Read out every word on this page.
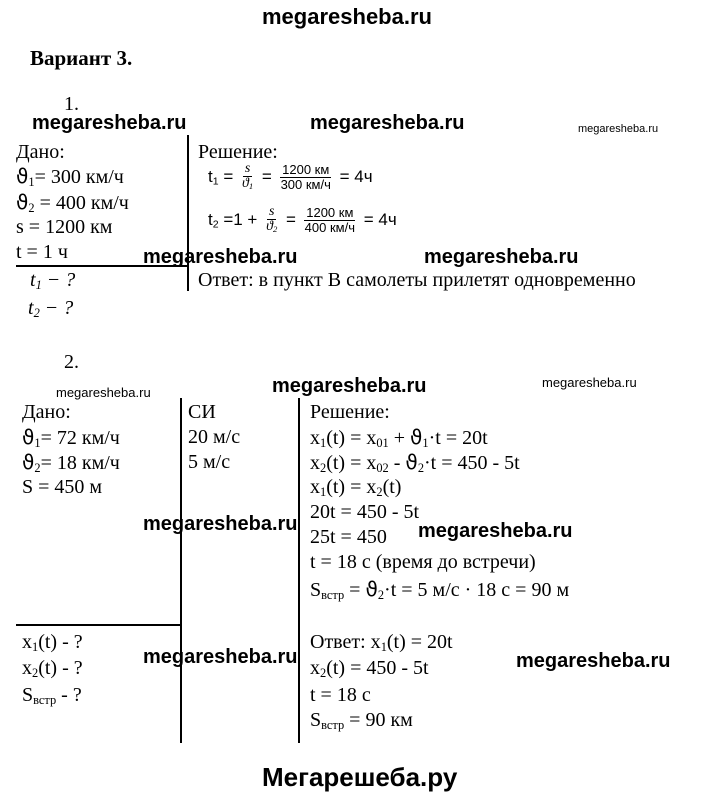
megaresheba.ru
Вариант 3.
1.
megaresheba.ru	megaresheba.ru	megaresheba.ru
Дано:
$ϑ_1= 300$ км/ч
$ϑ_2 = 400$ км/ч
s = 1200 км
t = 1 ч	megaresheba.ru	megaresheba.ru
$t_1$ − ?
$t_2$ − ?
Решение:
$t_1 = \frac{s}{ϑ_1} = \frac{1200 км}{300 км/ч} = 4ч$
$t_2 =1 + \frac{s}{ϑ_2} = \frac{1200 км}{400 км/ч} = 4ч$
Ответ: в пункт В самолеты прилетят одновременно
2.
megaresheba.ru	megaresheba.ru	megaresheba.ru
Дано:
$ϑ_1= 72$ км/ч
$ϑ_2= 18$ км/ч
S = 450 м
СИ
20 м/с
5 м/с
Решение:
$x_1(t) = x_{01} + ϑ_1\cdot t = 20t$
$x_2(t) = x_{02} - ϑ_2\cdot t = 450 - 5t$
$x_1(t) = x_2(t)$
20t = 450 - 5t
25t = 450
t = 18 с (время до встречи)
$S_{встр} = ϑ_2\cdot t = 5$ м/с · 18 с = 90 м
megaresheba.ru	megaresheba.ru
$x_1(t)$ - ?
$x_2(t)$ - ?
$S_{встр}$ - ?
Ответ: $x_1(t) = 20t$
$x_2(t) = 450 - 5t$
t = 18 с
$S_{встр} = 90$ км
megaresheba.ru	megaresheba.ru
Мегарешеба.ру
